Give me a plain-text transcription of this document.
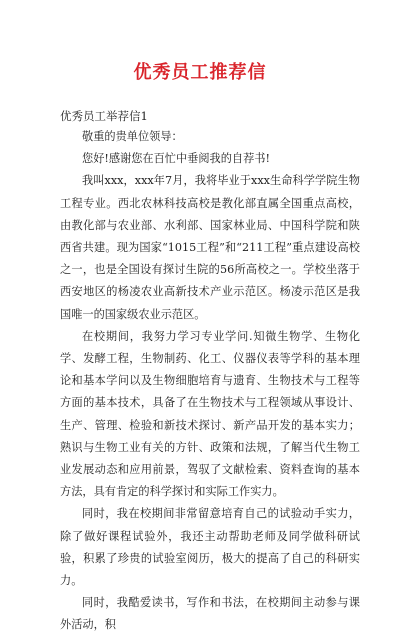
优秀员工推荐信
优秀员工举荐信1

敬重的贵单位领导：

您好!感谢您在百忙中垂阅我的自荐书!

我叫xxx，xxx年7月，我将毕业于xxx生命科学学院生物工程专业。西北农林科技高校是教化部直属全国重点高校，由教化部与农业部、水利部、国家林业局、中国科学院和陕西省共建。现为国家“1015工程”和“211工程”重点建设高校之一，也是全国设有探讨生院的56所高校之一。学校坐落于西安地区的杨凌农业高新技术产业示范区。杨凌示范区是我国唯一的国家级农业示范区。

在校期间，我努力学习专业学问.知微生物学、生物化学、发酵工程，生物制药、化工、仪器仪表等学科的基本理论和基本学问以及生物细胞培育与遗育、生物技术与工程等方面的基本技术，具备了在生物技术与工程领域从事设计、生产、管理、检验和新技术探讨、新产品开发的基本实力；熟识与生物工业有关的方针、政策和法规，了解当代生物工业发展动态和应用前景，驾驭了文献检索、资料查询的基本方法，具有肯定的科学探讨和实际工作实力。

同时，我在校期间非常留意培育自己的试验动手实力，除了做好课程试验外，我还主动帮助老师及同学做科研试验，积累了珍贵的试验室阅历，极大的提高了自己的科研实力。

同时，我酷爱读书，写作和书法，在校期间主动参与课外活动，积
